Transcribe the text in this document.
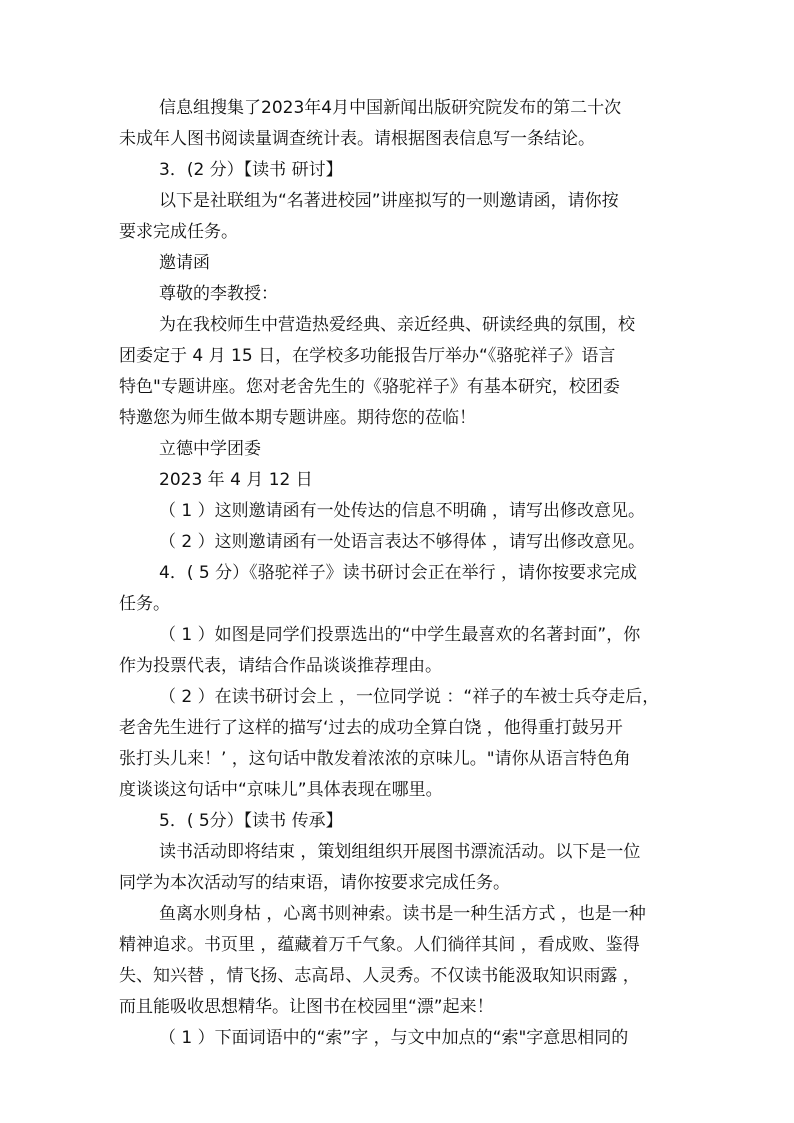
信息组搜集了2023年4月中国新闻出版研究院发布的第二十次
未成年人图书阅读量调查统计表。请根据图表信息写一条结论。
3．(2 分）【读书 研讨】
以下是社联组为“名著进校园”讲座拟写的一则邀请函，请你按
要求完成任务。
邀请函
尊敬的李教授：
为在我校师生中营造热爱经典、亲近经典、研读经典的氛围，校
团委定于 4 月 15 日，在学校多功能报告厅举办“《骆驼祥子》语言
特色"专题讲座。您对老舍先生的《骆驼祥子》有基本研究，校团委
特邀您为师生做本期专题讲座。期待您的莅临！
立德中学团委
2023 年 4 月 12 日
（ 1 ）这则邀请函有一处传达的信息不明确 ，请写出修改意见。
（ 2 ）这则邀请函有一处语言表达不够得体 ，请写出修改意见。
4．( 5 分）《骆驼祥子》读书研讨会正在举行 ，请你按要求完成
任务。
（ 1 ）如图是同学们投票选出的“中学生最喜欢的名著封面”，你
作为投票代表，请结合作品谈谈推荐理由。
（ 2 ）在读书研讨会上 ，一位同学说 ：“祥子的车被士兵夺走后，
老舍先生进行了这样的描写‘过去的成功全算白饶 ，他得重打鼓另开
张打头儿来！’ ，这句话中散发着浓浓的京味儿。"请你从语言特色角
度谈谈这句话中“京味儿”具体表现在哪里。
5．( 5分）【读书 传承】
读书活动即将结束 ，策划组组织开展图书漂流活动。以下是一位
同学为本次活动写的结束语，请你按要求完成任务。
鱼离水则身枯 ，心离书则神索。读书是一种生活方式 ，也是一种
精神追求。书页里 ，蕴藏着万千气象。人们徜徉其间 ，看成败、鉴得
失、知兴替 ，情飞扬、志高昂、人灵秀。不仅读书能汲取知识雨露 ，
而且能吸收思想精华。让图书在校园里“漂”起来！
（ 1 ）下面词语中的“索”字 ，与文中加点的“索"字意思相同的
